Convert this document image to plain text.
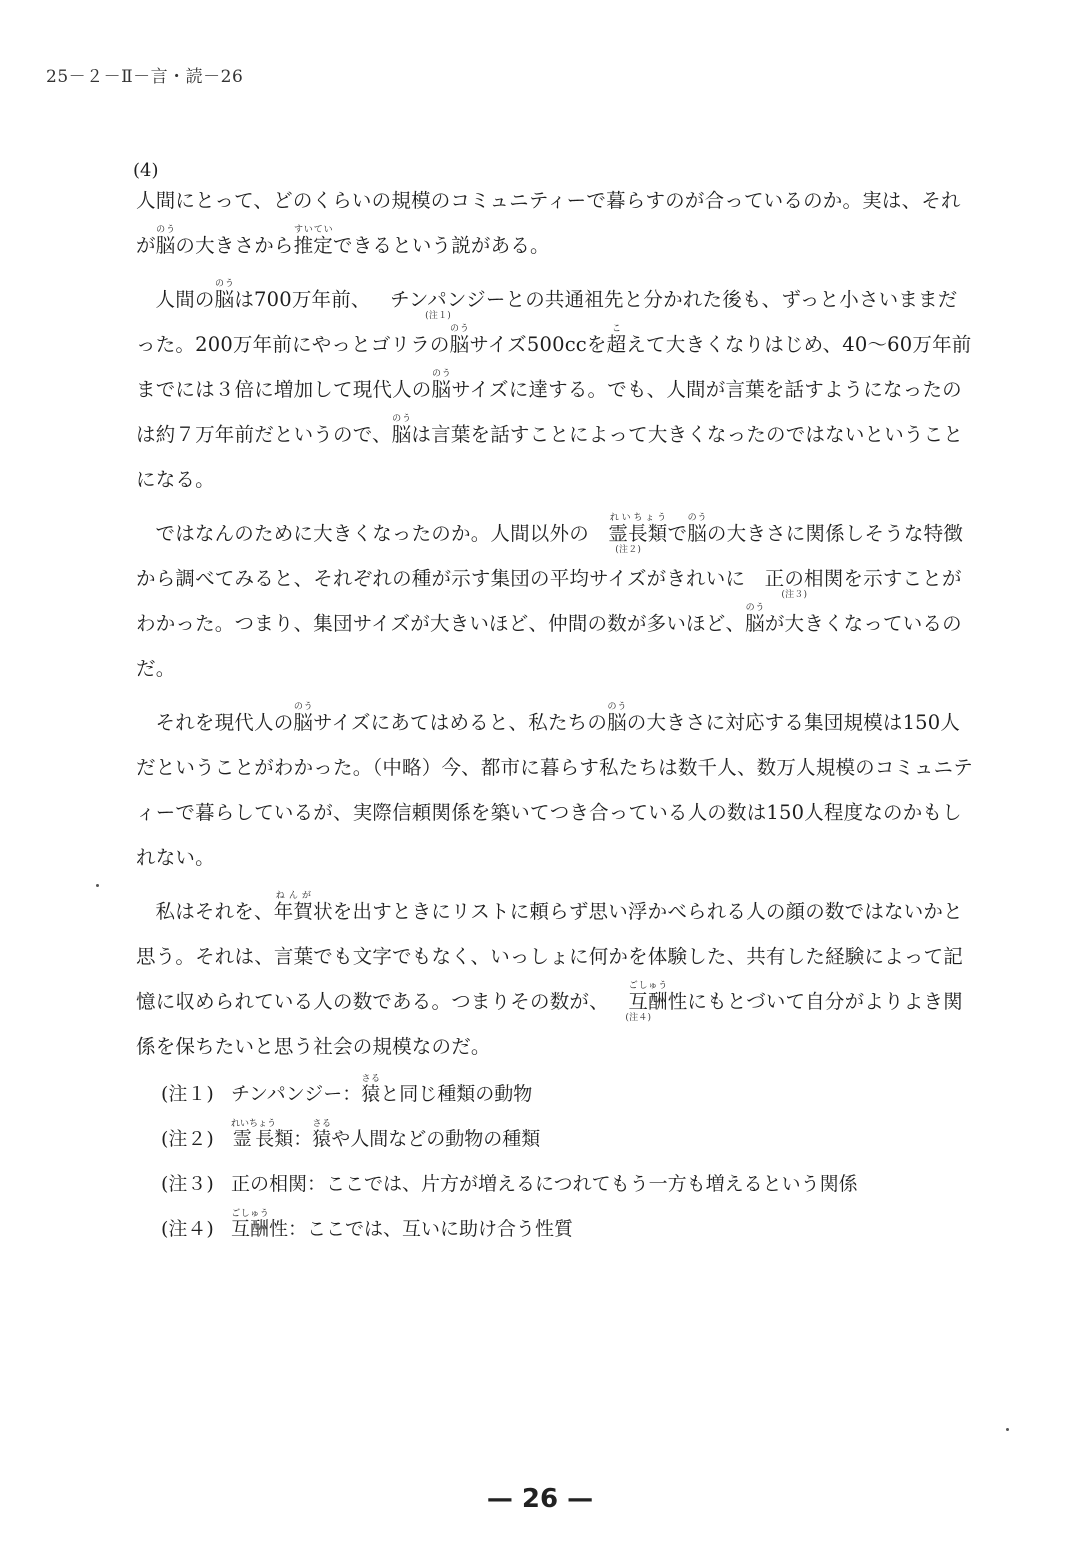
25－２－Ⅱ－言・読－26
(4)

人間にとって、どのくらいの規模のコミュニティーで暮らすのが合っているのか。実は、それが脳のうの大きさから推定すいていできるという説がある。

人間の脳のうは700万年前、 チンパンジー
(注１)
との共通祖先と分かれた後も、ずっと小さいままだった。200万年前にやっとゴリラの脳のうサイズ500ccを超こえて大きくなりはじめ、40～60万年前までには３倍に増加して現代人の脳のうサイズに達する。でも、人間が言葉を話すようになったのは約７万年前だというので、脳のうは言葉を話すことによって大きくなったのではないということになる。

ではなんのために大きくなったのか。人間以外の 霊長類れいちょう
(注２)
で脳のうの大きさに関係しそうな特徴から調べてみると、それぞれの種が示す集団の平均サイズがきれいに 正の相関
(注３)
を示すことがわかった。つまり、集団サイズが大きいほど、仲間の数が多いほど、脳のうが大きくなっているのだ。

それを現代人の脳のうサイズにあてはめると、私たちの脳のうの大きさに対応する集団規模は150人だということがわかった。（中略）今、都市に暮らす私たちは数千人、数万人規模のコミュニティーで暮らしているが、実際信頼関係を築いてつき合っている人の数は150人程度なのかもしれない。

私はそれを、年賀ねんが状を出すときにリストに頼らず思い浮かべられる人の顔の数ではないかと思う。それは、言葉でも文字でもなく、いっしょに何かを体験した、共有した経験によって記憶に収められている人の数である。つまりその数が、 互酬ごしゅう
(注４)
性にもとづいて自分がよりよき関係を保ちたいと思う社会の規模なのだ。

(注１) チンパンジー：猿さると同じ種類の動物
(注２) 霊長れいちょう類：猿さるや人間などの動物の種類
(注３) 正の相関：ここでは、片方が増えるにつれてもう一方も増えるという関係
(注４) 互酬ごしゅう性：ここでは、互いに助け合う性質
— 26 —
